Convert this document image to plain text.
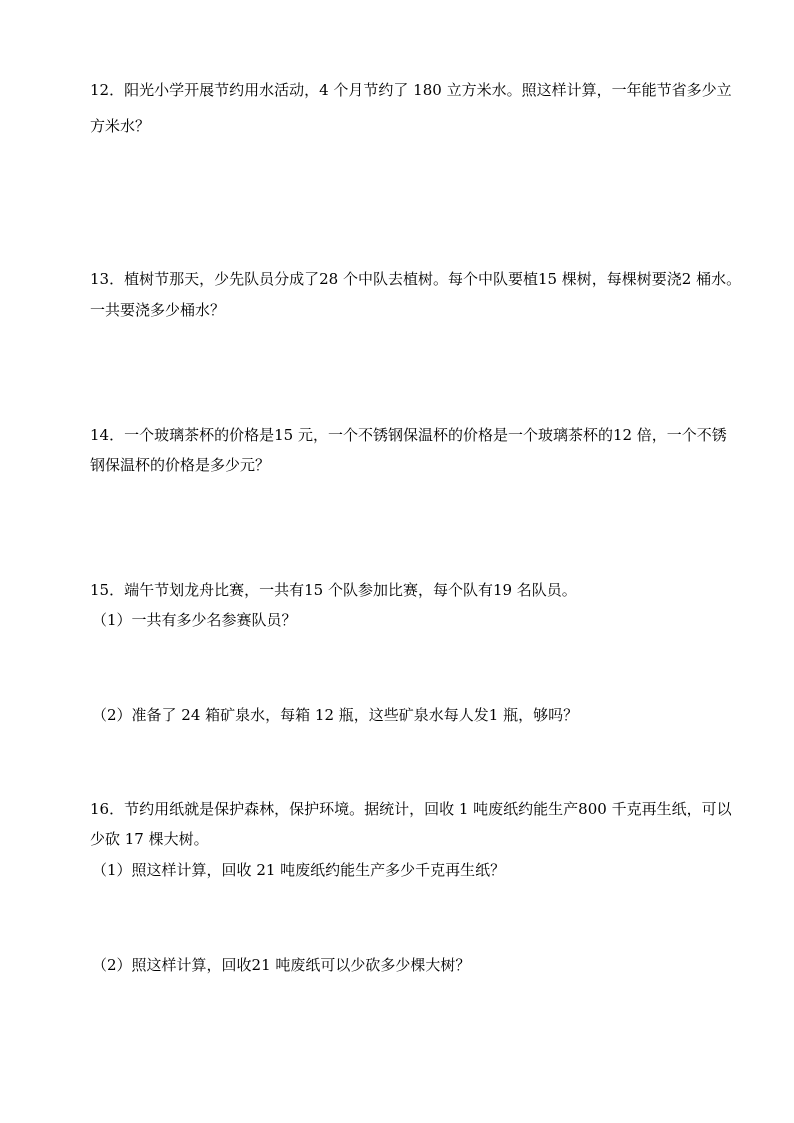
12．阳光小学开展节约用水活动，4 个月节约了 180 立方米水。照这样计算，一年能节省多少立
方米水？
13．植树节那天，少先队员分成了28 个中队去植树。每个中队要植15 棵树，每棵树要浇2 桶水。
一共要浇多少桶水？
14．一个玻璃茶杯的价格是15 元，一个不锈钢保温杯的价格是一个玻璃茶杯的12 倍，一个不锈
钢保温杯的价格是多少元？
15．端午节划龙舟比赛，一共有15 个队参加比赛，每个队有19 名队员。
（1）一共有多少名参赛队员？
（2）准备了 24 箱矿泉水，每箱 12 瓶，这些矿泉水每人发1 瓶，够吗？
16．节约用纸就是保护森林，保护环境。据统计，回收 1 吨废纸约能生产800 千克再生纸，可以
少砍 17 棵大树。
（1）照这样计算，回收 21 吨废纸约能生产多少千克再生纸？
（2）照这样计算，回收21 吨废纸可以少砍多少棵大树？
